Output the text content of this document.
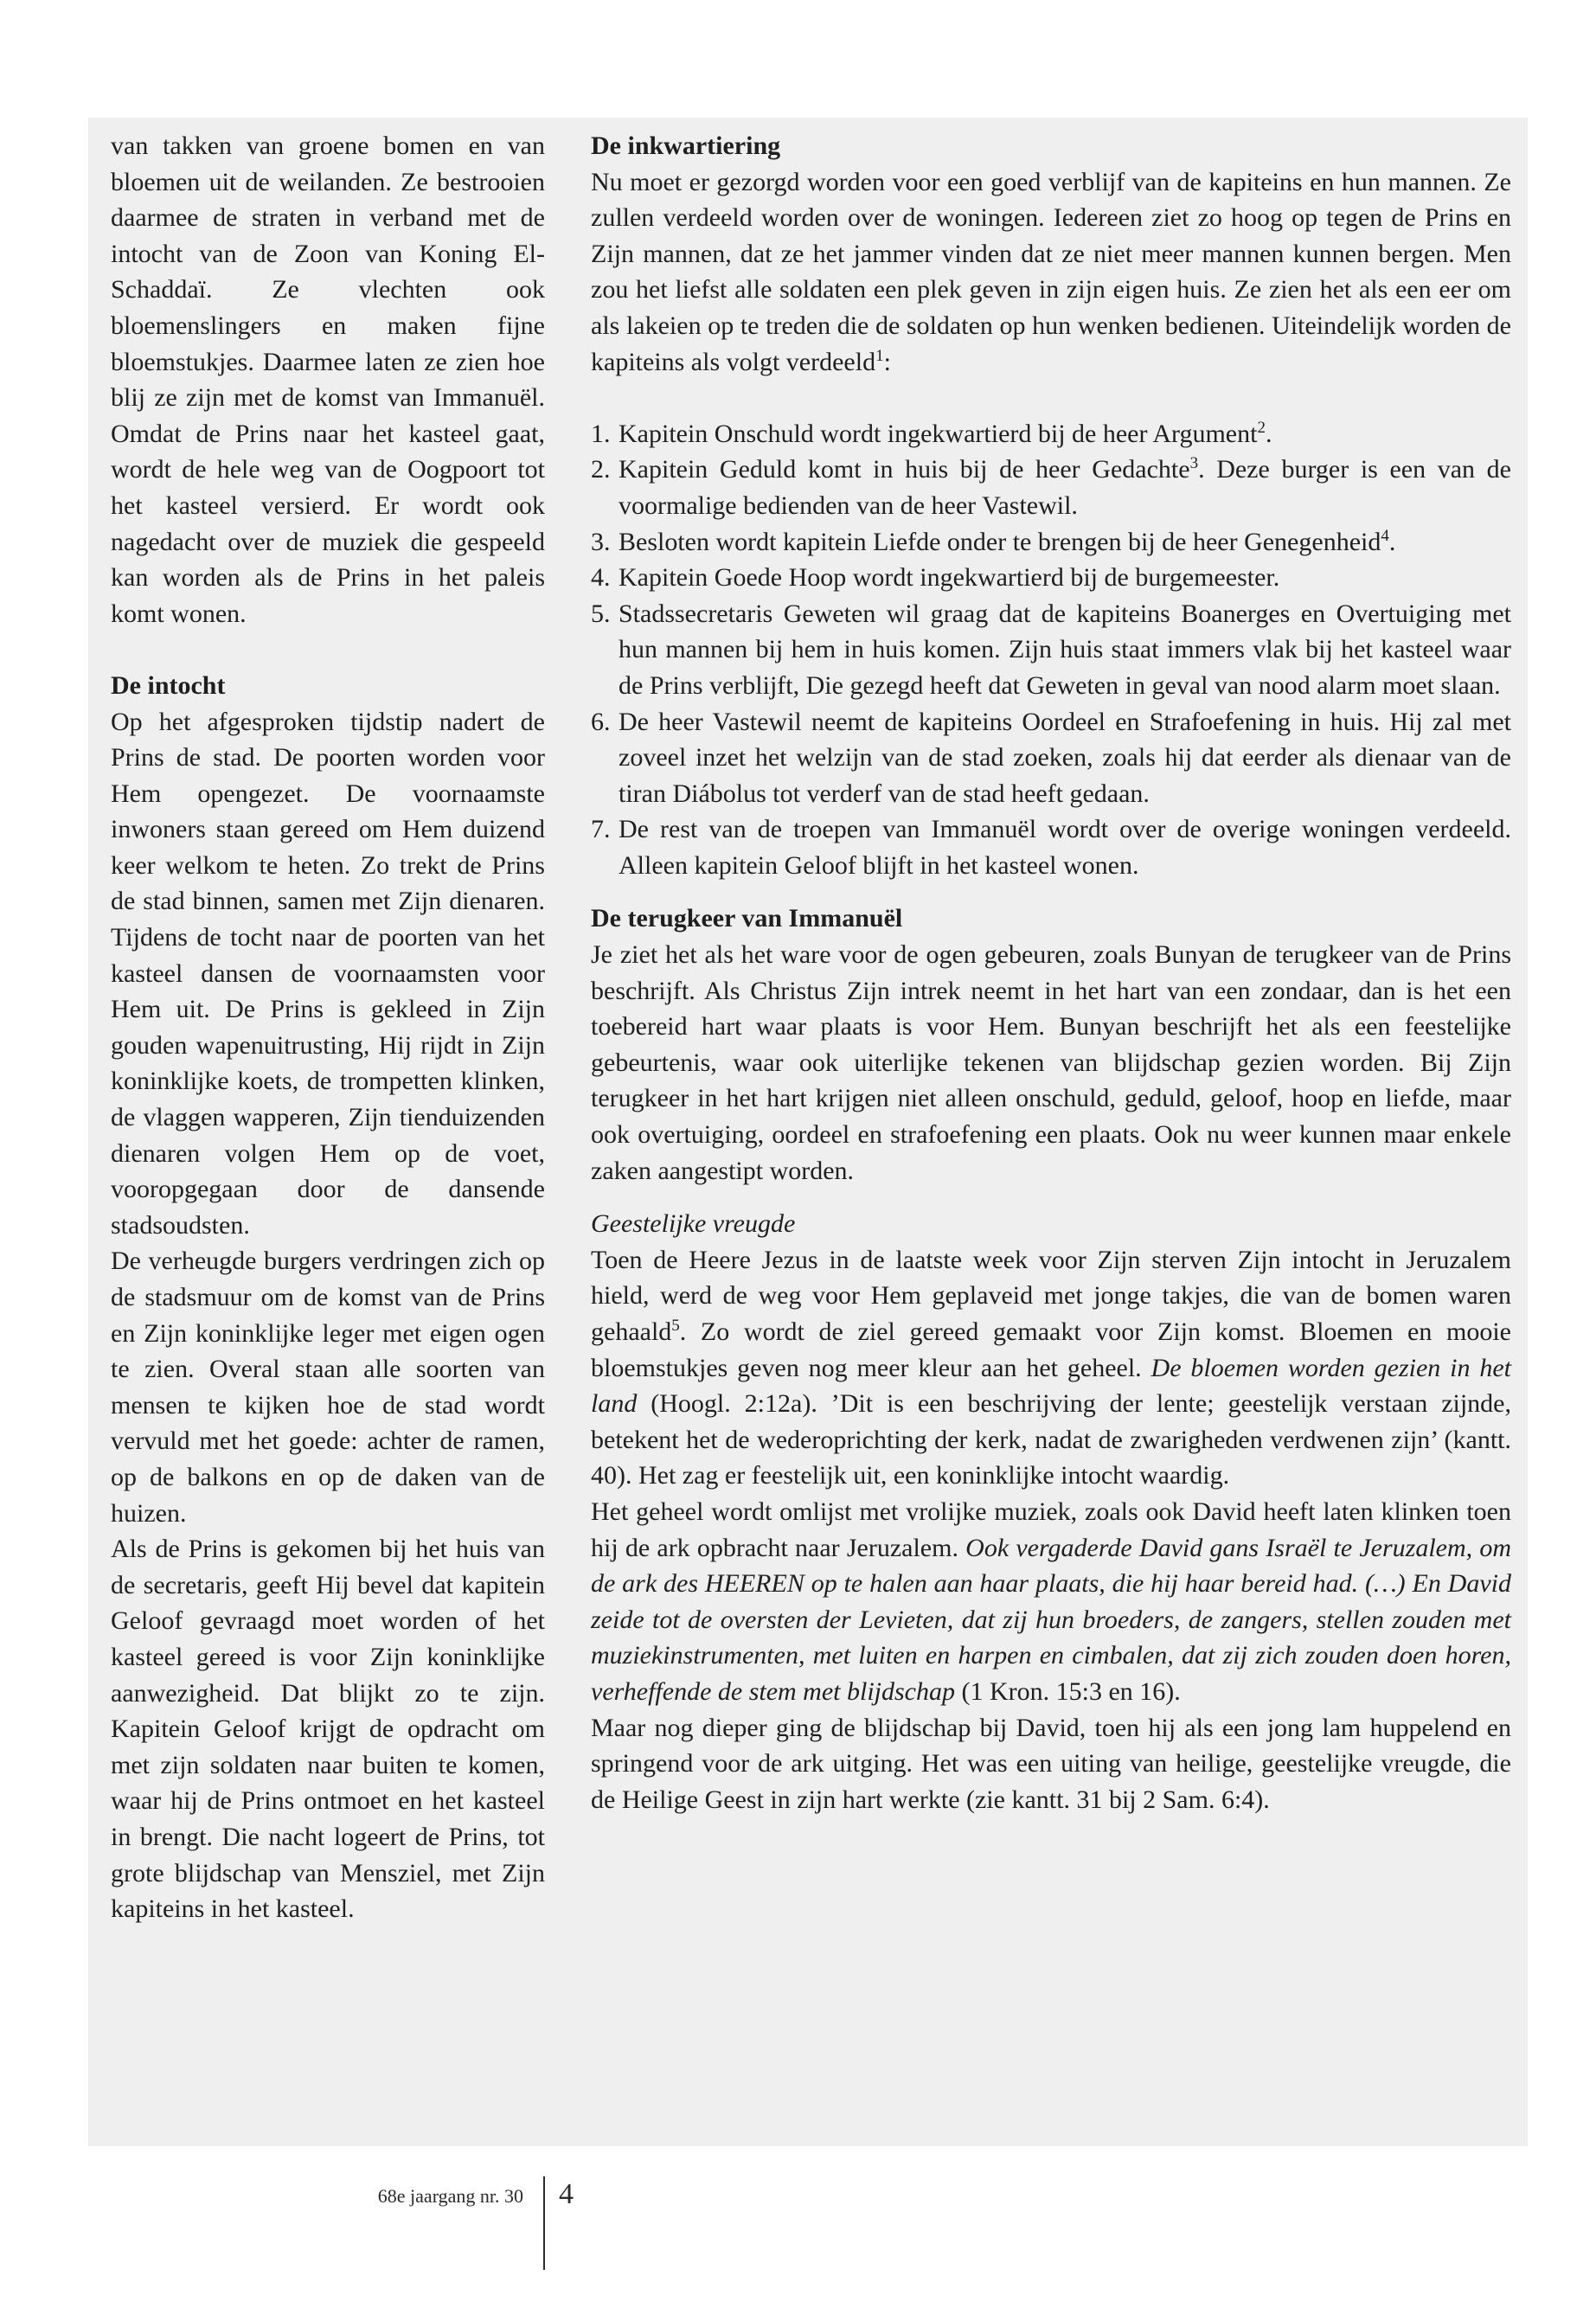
van takken van groene bomen en van bloemen uit de weilanden. Ze bestrooien daarmee de straten in verband met de intocht van de Zoon van Koning El-Schaddaï. Ze vlechten ook bloemenslingers en maken fijne bloemstukjes. Daarmee laten ze zien hoe blij ze zijn met de komst van Immanuël. Omdat de Prins naar het kasteel gaat, wordt de hele weg van de Oogpoort tot het kasteel versierd. Er wordt ook nagedacht over de muziek die gespeeld kan worden als de Prins in het paleis komt wonen.

De intocht

Op het afgesproken tijdstip nadert de Prins de stad. De poorten worden voor Hem opengezet. De voornaamste inwoners staan gereed om Hem duizend keer welkom te heten. Zo trekt de Prins de stad binnen, samen met Zijn dienaren. Tijdens de tocht naar de poorten van het kasteel dansen de voornaamsten voor Hem uit. De Prins is gekleed in Zijn gouden wapenuitrusting, Hij rijdt in Zijn koninklijke koets, de trompetten klinken, de vlaggen wapperen, Zijn tienduizenden dienaren volgen Hem op de voet, vooropgegaan door de dansende stadsoudsten.

De verheugde burgers verdringen zich op de stadsmuur om de komst van de Prins en Zijn koninklijke leger met eigen ogen te zien. Overal staan alle soorten van mensen te kijken hoe de stad wordt vervuld met het goede: achter de ramen, op de balkons en op de daken van de huizen.

Als de Prins is gekomen bij het huis van de secretaris, geeft Hij bevel dat kapitein Geloof gevraagd moet worden of het kasteel gereed is voor Zijn koninklijke aanwezigheid. Dat blijkt zo te zijn. Kapitein Geloof krijgt de opdracht om met zijn soldaten naar buiten te komen, waar hij de Prins ontmoet en het kasteel in brengt. Die nacht logeert de Prins, tot grote blijdschap van Mensziel, met Zijn kapiteins in het kasteel.

De inkwartiering

Nu moet er gezorgd worden voor een goed verblijf van de kapiteins en hun mannen. Ze zullen verdeeld worden over de woningen. Iedereen ziet zo hoog op tegen de Prins en Zijn mannen, dat ze het jammer vinden dat ze niet meer mannen kunnen bergen. Men zou het liefst alle soldaten een plek geven in zijn eigen huis. Ze zien het als een eer om als lakeien op te treden die de soldaten op hun wenken bedienen. Uiteindelijk worden de kapiteins als volgt verdeeld$^1$:

1. Kapitein Onschuld wordt ingekwartierd bij de heer Argument$^2$.
2. Kapitein Geduld komt in huis bij de heer Gedachte$^3$. Deze burger is een van de voormalige bedienden van de heer Vastewil.
3. Besloten wordt kapitein Liefde onder te brengen bij de heer Genegenheid$^4$.
4. Kapitein Goede Hoop wordt ingekwartierd bij de burgemeester.
5. Stadssecretaris Geweten wil graag dat de kapiteins Boanerges en Overtuiging met hun mannen bij hem in huis komen. Zijn huis staat immers vlak bij het kasteel waar de Prins verblijft, Die gezegd heeft dat Geweten in geval van nood alarm moet slaan.
6. De heer Vastewil neemt de kapiteins Oordeel en Strafoefening in huis. Hij zal met zoveel inzet het welzijn van de stad zoeken, zoals hij dat eerder als dienaar van de tiran Diábolus tot verderf van de stad heeft gedaan.
7. De rest van de troepen van Immanuël wordt over de overige woningen verdeeld. Alleen kapitein Geloof blijft in het kasteel wonen.
De terugkeer van Immanuël

Je ziet het als het ware voor de ogen gebeuren, zoals Bunyan de terugkeer van de Prins beschrijft. Als Christus Zijn intrek neemt in het hart van een zondaar, dan is het een toebereid hart waar plaats is voor Hem. Bunyan beschrijft het als een feestelijke gebeurtenis, waar ook uiterlijke tekenen van blijdschap gezien worden. Bij Zijn terugkeer in het hart krijgen niet alleen onschuld, geduld, geloof, hoop en liefde, maar ook overtuiging, oordeel en strafoefening een plaats. Ook nu weer kunnen maar enkele zaken aangestipt worden.

Geestelijke vreugde

Toen de Heere Jezus in de laatste week voor Zijn sterven Zijn intocht in Jeruzalem hield, werd de weg voor Hem geplaveid met jonge takjes, die van de bomen waren gehaald$^5$. Zo wordt de ziel gereed gemaakt voor Zijn komst. Bloemen en mooie bloemstukjes geven nog meer kleur aan het geheel. De bloemen worden gezien in het land (Hoogl. 2:12a). ’Dit is een beschrijving der lente; geestelijk verstaan zijnde, betekent het de wederoprichting der kerk, nadat de zwarigheden verdwenen zijn’ (kantt. 40). Het zag er feestelijk uit, een koninklijke intocht waardig.

Het geheel wordt omlijst met vrolijke muziek, zoals ook David heeft laten klinken toen hij de ark opbracht naar Jeruzalem. Ook vergaderde David gans Israël te Jeruzalem, om de ark des HEEREN op te halen aan haar plaats, die hij haar bereid had. (…) En David zeide tot de oversten der Levieten, dat zij hun broeders, de zangers, stellen zouden met muziekinstrumenten, met luiten en harpen en cimbalen, dat zij zich zouden doen horen, verheffende de stem met blijdschap (1 Kron. 15:3 en 16).

Maar nog dieper ging de blijdschap bij David, toen hij als een jong lam huppelend en springend voor de ark uitging. Het was een uiting van heilige, geestelijke vreugde, die de Heilige Geest in zijn hart werkte (zie kantt. 31 bij 2 Sam. 6:4).

68e jaargang nr. 30 4
